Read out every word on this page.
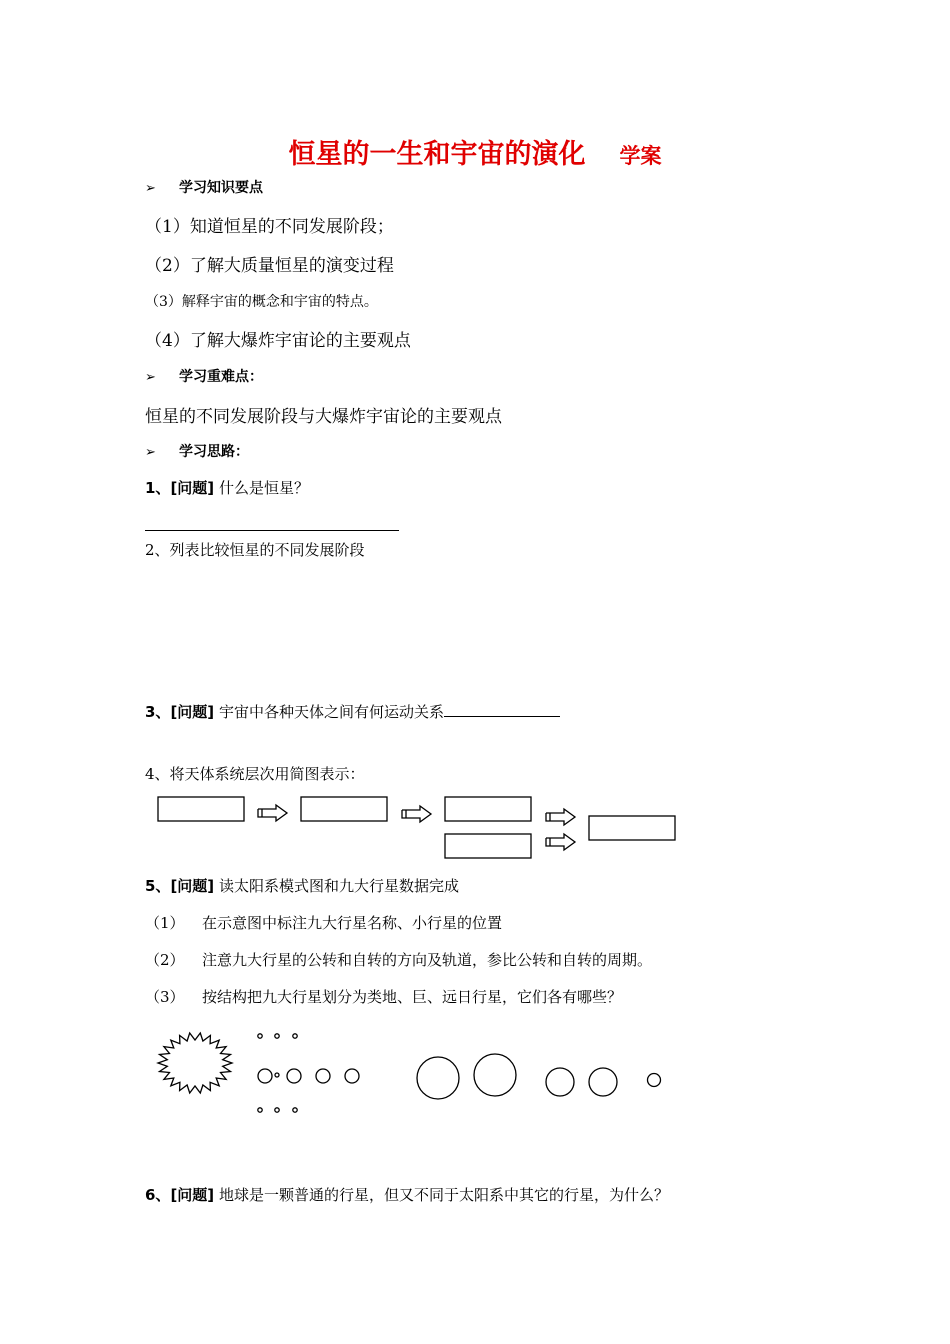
恒星的一生和宇宙的演化 学案
➢ 学习知识要点
（1）知道恒星的不同发展阶段；
（2）了解大质量恒星的演变过程
（3）解释宇宙的概念和宇宙的特点。
（4）了解大爆炸宇宙论的主要观点
➢ 学习重难点：
恒星的不同发展阶段与大爆炸宇宙论的主要观点
➢ 学习思路：
1、[问题] 什么是恒星？
2、列表比较恒星的不同发展阶段
3、[问题] 宇宙中各种天体之间有何运动关系
4、将天体系统层次用简图表示：
5、[问题] 读太阳系模式图和九大行星数据完成
（1） 在示意图中标注九大行星名称、小行星的位置
（2） 注意九大行星的公转和自转的方向及轨道，参比公转和自转的周期。
（3） 按结构把九大行星划分为类地、巨、远日行星，它们各有哪些？
6、[问题] 地球是一颗普通的行星，但又不同于太阳系中其它的行星，为什么？
